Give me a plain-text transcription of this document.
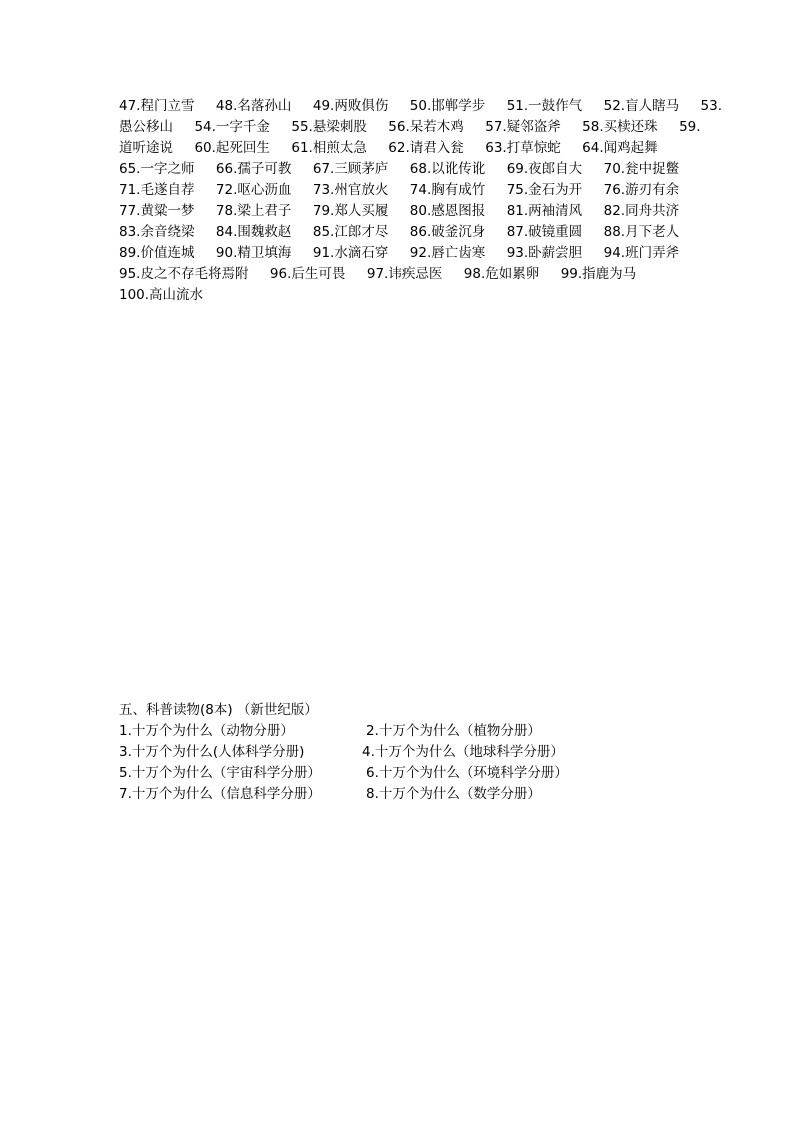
47.程门立雪     48.名落孙山     49.两败俱伤     50.邯郸学步     51.一鼓作气     52.盲人瞎马     53.
愚公移山     54.一字千金     55.悬梁刺股     56.呆若木鸡     57.疑邻盗斧     58.买椟还珠     59.
道听途说     60.起死回生     61.相煎太急     62.请君入瓮     63.打草惊蛇     64.闻鸡起舞
65.一字之师     66.孺子可教     67.三顾茅庐     68.以讹传讹     69.夜郎自大     70.瓮中捉鳖
71.毛遂自荐     72.呕心沥血     73.州官放火     74.胸有成竹     75.金石为开     76.游刃有余
77.黄粱一梦     78.梁上君子     79.郑人买履     80.感恩图报     81.两袖清风     82.同舟共济
83.余音绕梁     84.围魏救赵     85.江郎才尽     86.破釜沉身     87.破镜重圆     88.月下老人
89.价值连城     90.精卫填海     91.水滴石穿     92.唇亡齿寒     93.卧薪尝胆     94.班门弄斧
95.皮之不存毛将焉附     96.后生可畏     97.讳疾忌医     98.危如累卵     99.指鹿为马
100.高山流水
五、科普读物(8本) （新世纪版）
1.十万个为什么（动物分册）	2.十万个为什么（植物分册）
3.十万个为什么(人体科学分册)	4.十万个为什么（地球科学分册）
5.十万个为什么（宇宙科学分册）	6.十万个为什么（环境科学分册）
7.十万个为什么（信息科学分册）	8.十万个为什么（数学分册）
